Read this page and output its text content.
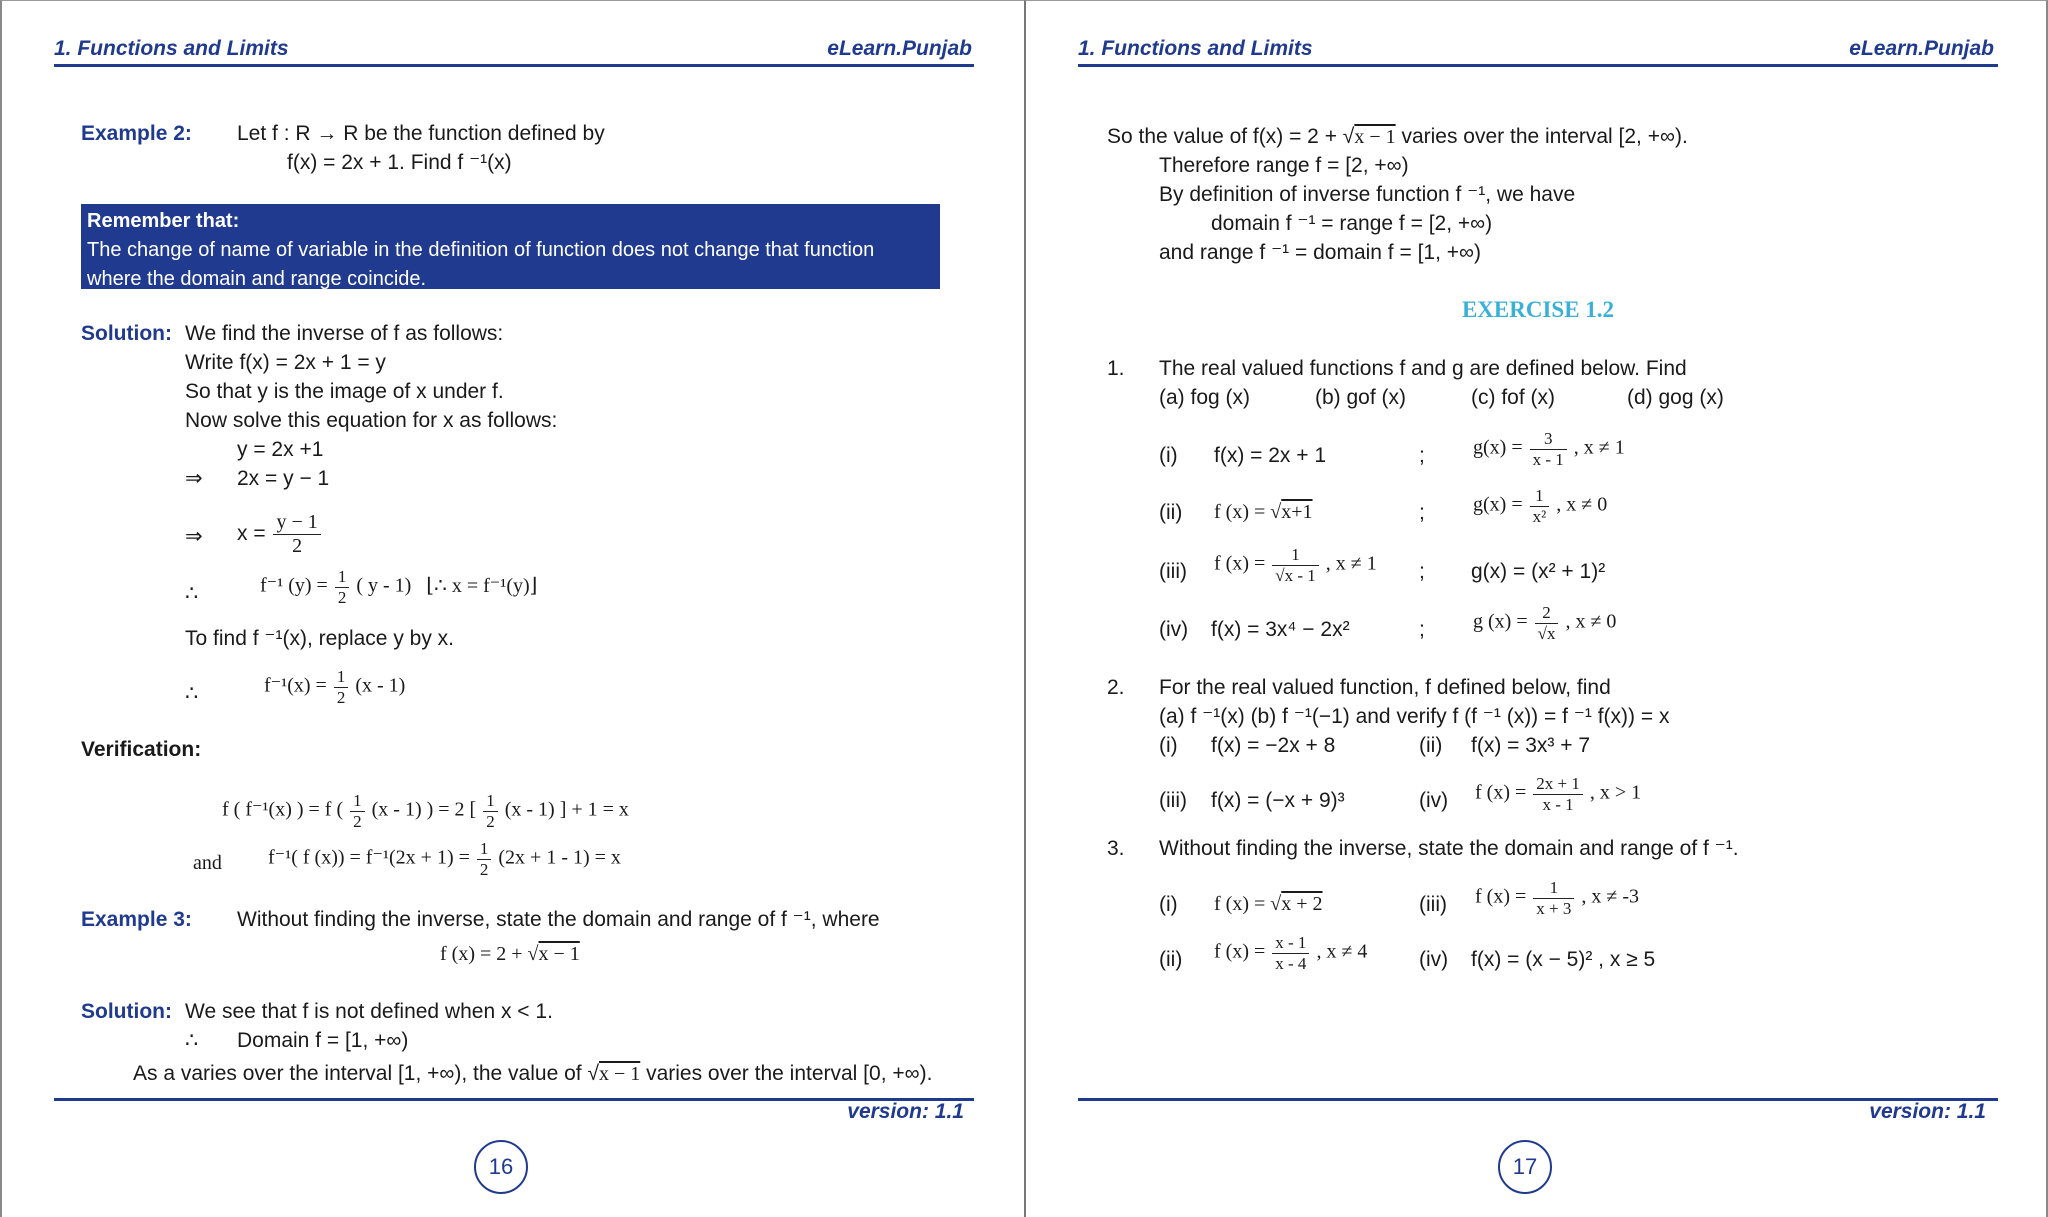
1. Functions and Limits	eLearn.Punjab
Example 2: Let f : R → R be the function defined by
f(x) = 2x + 1. Find f ⁻¹(x)
Remember that:
The change of name of variable in the definition of function does not change that function where the domain and range coincide.
Solution: We find the inverse of f as follows:
Write f(x) = 2x + 1 = y
So that y is the image of x under f.
Now solve this equation for x as follows:
y = 2x +1
⇒ 2x = y − 1
⇒ $x = \frac{y - 1}{2}$
∴	f⁻¹ $(y) = \frac{1}{2}$ ( y - 1) ⌊∴ x = f⁻¹(y)⌋
To find f ⁻¹(x), replace y by x.
∴	$f^{-1}(x) = \frac{1}{2} (x - 1)$
Verification:
f ( f⁻¹(x) ) = f ( $\frac{1}{2} (x - 1)$ ) = 2 [ $\frac{1}{2} (x - 1)$ ] + 1 = x
and f⁻¹( f $(x)) = f^{-1}(2x + 1) = \frac{1}{2} (2x + 1 - 1) = x$
Example 3: Without finding the inverse, state the domain and range of f ⁻¹, where
f (x) = 2 + √x − 1
Solution: We see that f is not defined when x < 1.
∴ Domain f = [1, +∞)
As a varies over the interval [1, +∞), the value of √x − 1 varies over the interval [0, +∞).
version: 1.1
16
1. Functions and Limits	eLearn.Punjab
So the value of f(x) = 2 + √x − 1 varies over the interval [2, +∞).
Therefore range f = [2, +∞)
By definition of inverse function f ⁻¹, we have
domain f ⁻¹ = range f = [2, +∞)
and range f ⁻¹ = domain f = [1, +∞)
EXERCISE 1.2
1. The real valued functions f and g are defined below. Find
(a) fog (x)	(b) gof (x)	(c) fof (x)	(d) gog (x)
(i) f(x) = 2x + 1	; $g(x) = \frac{3}{x - 1}$ , x ≠ 1
(ii) f (x) = √x+1	; $g(x) = \frac{1}{\text{x²}}$ , x ≠ 0
(iii) f $(x) = \frac{1}{√x - 1}$ , x ≠ 1 ; g(x) = (x² + 1)²
(iv) f(x) = 3x⁴ − 2x²	; g $(x) = \frac{2}{√x}$ , x ≠ 0
2. For the real valued function, f defined below, find
(a) f ⁻¹(x) (b) f ⁻¹(−1) and verify f (f ⁻¹ (x)) = f ⁻¹ f(x)) = x
(i) f(x) = −2x + 8	(ii) f(x) = 3x³ + 7
(iii) f(x) = (−x + 9)³	(iv) f $(x) = \frac{2x + 1}{x - 1}$ , x > 1
3. Without finding the inverse, state the domain and range of f ⁻¹.
(i) f (x) = √x + 2	(iii) f $(x) = \frac{1}{x + 3}$ , x ≠ -3
(ii) f $(x) = \frac{x - 1}{x - 4}$ , x ≠ 4 (iv) f(x) = (x − 5)² , x ≥ 5
version: 1.1
17
